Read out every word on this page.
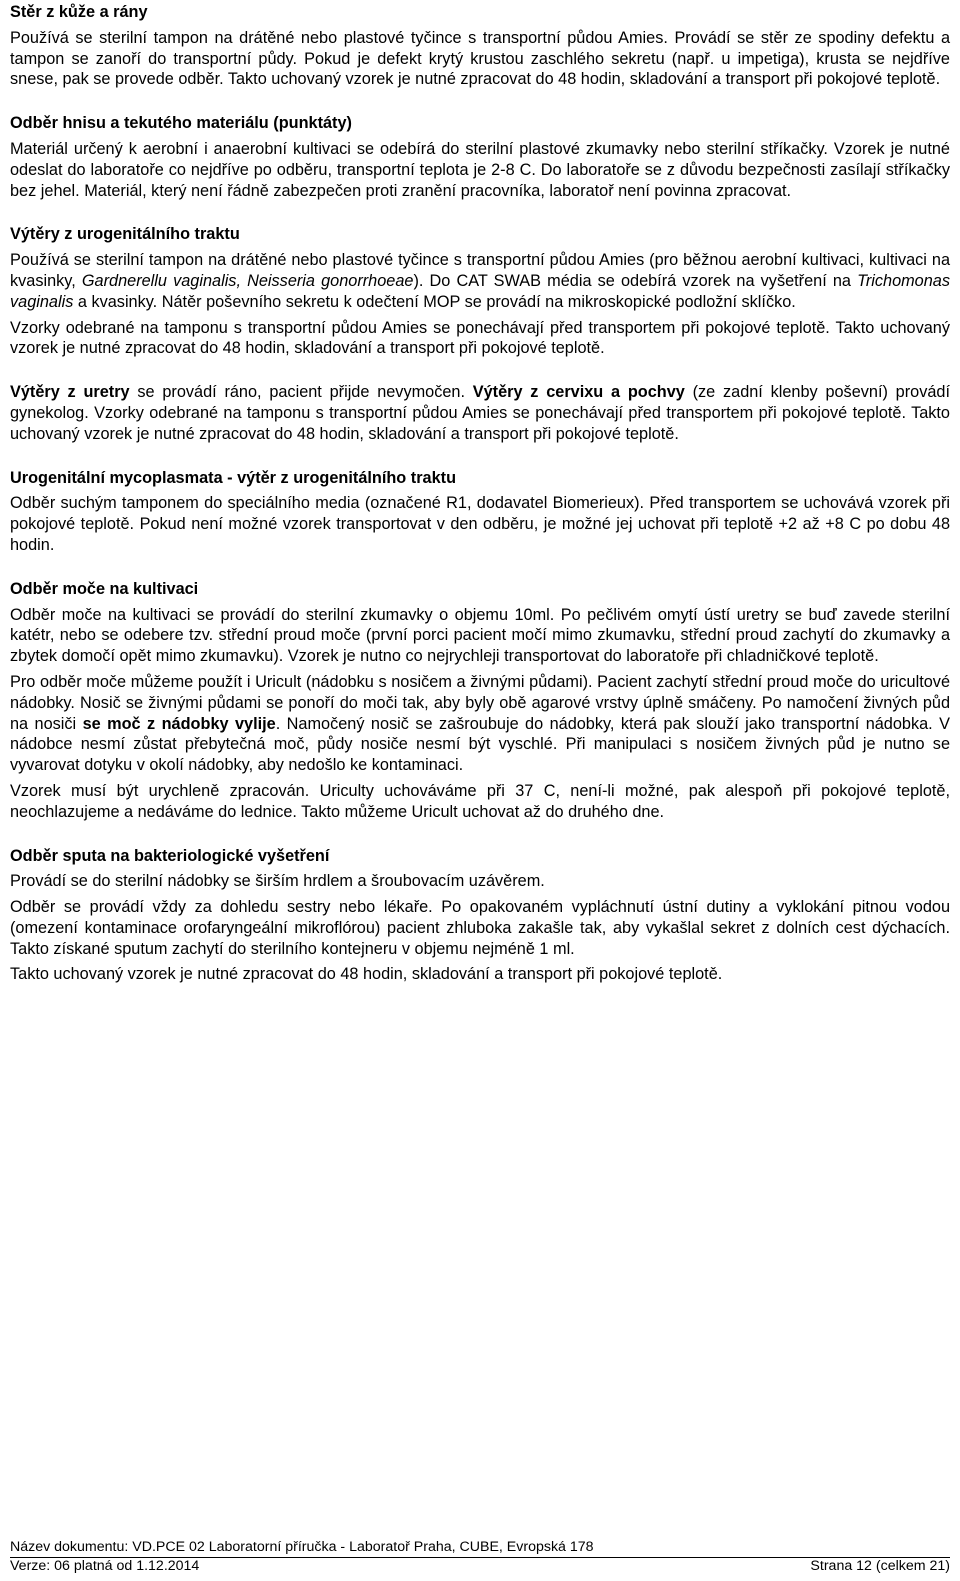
Stěr z kůže a rány

Používá se sterilní tampon na drátěné nebo plastové tyčince s transportní půdou Amies. Provádí se stěr ze spodiny defektu a tampon se zanoří do transportní půdy. Pokud je defekt krytý krustou zaschlého sekretu (např. u impetiga), krusta se nejdříve snese, pak se provede odběr. Takto uchovaný vzorek je nutné zpracovat do 48 hodin, skladování a transport při pokojové teplotě.

Odběr hnisu a tekutého materiálu (punktáty)

Materiál určený k aerobní i anaerobní kultivaci se odebírá do sterilní plastové zkumavky nebo sterilní stříkačky. Vzorek je nutné odeslat do laboratoře co nejdříve po odběru, transportní teplota je 2-8 C. Do laboratoře se z důvodu bezpečnosti zasílají stříkačky bez jehel. Materiál, který není řádně zabezpečen proti zranění pracovníka, laboratoř není povinna zpracovat.

Výtěry z urogenitálního traktu

Používá se sterilní tampon na drátěné nebo plastové tyčince s transportní půdou Amies (pro běžnou aerobní kultivaci, kultivaci na kvasinky, Gardnerellu vaginalis, Neisseria gonorrhoeae). Do CAT SWAB média se odebírá vzorek na vyšetření na Trichomonas vaginalis a kvasinky. Nátěr poševního sekretu k odečtení MOP se provádí na mikroskopické podložní sklíčko.

Vzorky odebrané na tamponu s transportní půdou Amies se ponechávají před transportem při pokojové teplotě. Takto uchovaný vzorek je nutné zpracovat do 48 hodin, skladování a transport při pokojové teplotě.

Výtěry z uretry se provádí ráno, pacient přijde nevymočen. Výtěry z cervixu a pochvy (ze zadní klenby poševní) provádí gynekolog. Vzorky odebrané na tamponu s transportní půdou Amies se ponechávají před transportem při pokojové teplotě. Takto uchovaný vzorek je nutné zpracovat do 48 hodin, skladování a transport při pokojové teplotě.

Urogenitální mycoplasmata - výtěr z urogenitálního traktu

Odběr suchým tamponem do speciálního media (označené R1, dodavatel Biomerieux). Před transportem se uchovává vzorek při pokojové teplotě. Pokud není možné vzorek transportovat v den odběru, je možné jej uchovat při teplotě +2 až +8 C po dobu 48 hodin.

Odběr moče na kultivaci

Odběr moče na kultivaci se provádí do sterilní zkumavky o objemu 10ml. Po pečlivém omytí ústí uretry se buď zavede sterilní katétr, nebo se odebere tzv. střední proud moče (první porci pacient močí mimo zkumavku, střední proud zachytí do zkumavky a zbytek domočí opět mimo zkumavku). Vzorek je nutno co nejrychleji transportovat do laboratoře při chladničkové teplotě.

Pro odběr moče můžeme použít i Uricult (nádobku s nosičem a živnými půdami). Pacient zachytí střední proud moče do uricultové nádobky. Nosič se živnými půdami se ponoří do moči tak, aby byly obě agarové vrstvy úplně smáčeny. Po namočení živných půd na nosiči se moč z nádobky vylije. Namočený nosič se zašroubuje do nádobky, která pak slouží jako transportní nádobka. V nádobce nesmí zůstat přebytečná moč, půdy nosiče nesmí být vyschlé. Při manipulaci s nosičem živných půd je nutno se vyvarovat dotyku v okolí nádobky, aby nedošlo ke kontaminaci.

Vzorek musí být urychleně zpracován. Uriculty uchováváme při 37 C, není-li možné, pak alespoň při pokojové teplotě, neochlazujeme a nedáváme do lednice. Takto můžeme Uricult uchovat až do druhého dne.

Odběr sputa na bakteriologické vyšetření

Provádí se do sterilní nádobky se širším hrdlem a šroubovacím uzávěrem.

Odběr se provádí vždy za dohledu sestry nebo lékaře. Po opakovaném vypláchnutí ústní dutiny a vyklokání pitnou vodou (omezení kontaminace orofaryngeální mikroflórou) pacient zhluboka zakašle tak, aby vykašlal sekret z dolních cest dýchacích. Takto získané sputum zachytí do sterilního kontejneru v objemu nejméně 1 ml.

Takto uchovaný vzorek je nutné zpracovat do 48 hodin, skladování a transport při pokojové teplotě.

Název dokumentu: VD.PCE 02 Laboratorní příručka - Laboratoř Praha, CUBE, Evropská 178
Verze: 06 platná od 1.12.2014	Strana 12 (celkem 21)
